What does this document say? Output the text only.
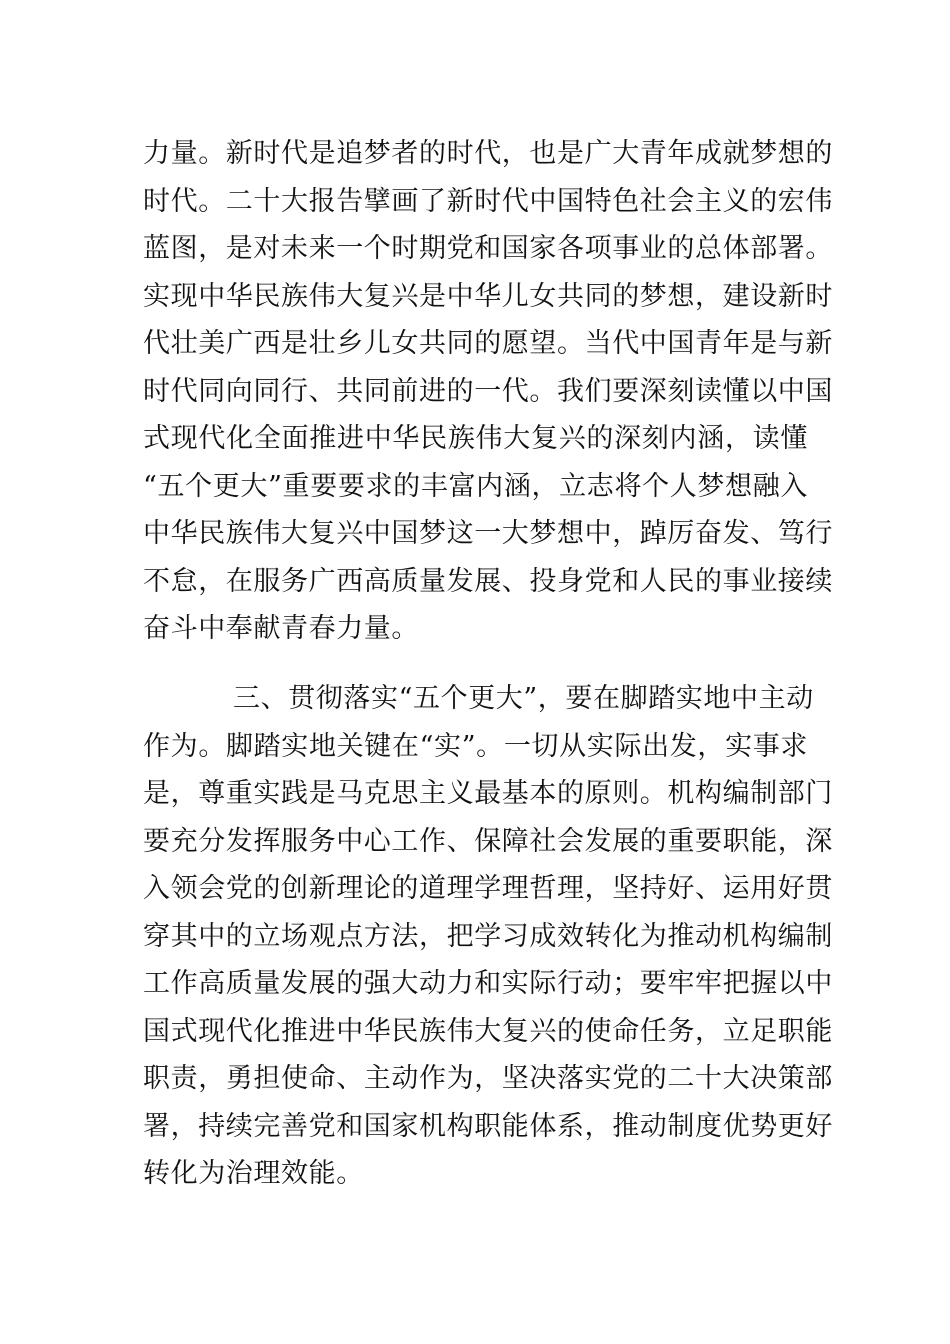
力量。新时代是追梦者的时代，也是广大青年成就梦想的
时代。二十大报告擘画了新时代中国特色社会主义的宏伟
蓝图，是对未来一个时期党和国家各项事业的总体部署。
实现中华民族伟大复兴是中华儿女共同的梦想，建设新时
代壮美广西是壮乡儿女共同的愿望。当代中国青年是与新
时代同向同行、共同前进的一代。我们要深刻读懂以中国
式现代化全面推进中华民族伟大复兴的深刻内涵，读懂
“五个更大”重要要求的丰富内涵，立志将个人梦想融入
中华民族伟大复兴中国梦这一大梦想中，踔厉奋发、笃行
不怠，在服务广西高质量发展、投身党和人民的事业接续
奋斗中奉献青春力量。
三、贯彻落实“五个更大”，要在脚踏实地中主动
作为。脚踏实地关键在“实”。一切从实际出发，实事求
是，尊重实践是马克思主义最基本的原则。机构编制部门
要充分发挥服务中心工作、保障社会发展的重要职能，深
入领会党的创新理论的道理学理哲理，坚持好、运用好贯
穿其中的立场观点方法，把学习成效转化为推动机构编制
工作高质量发展的强大动力和实际行动；要牢牢把握以中
国式现代化推进中华民族伟大复兴的使命任务，立足职能
职责，勇担使命、主动作为，坚决落实党的二十大决策部
署，持续完善党和国家机构职能体系，推动制度优势更好
转化为治理效能。
